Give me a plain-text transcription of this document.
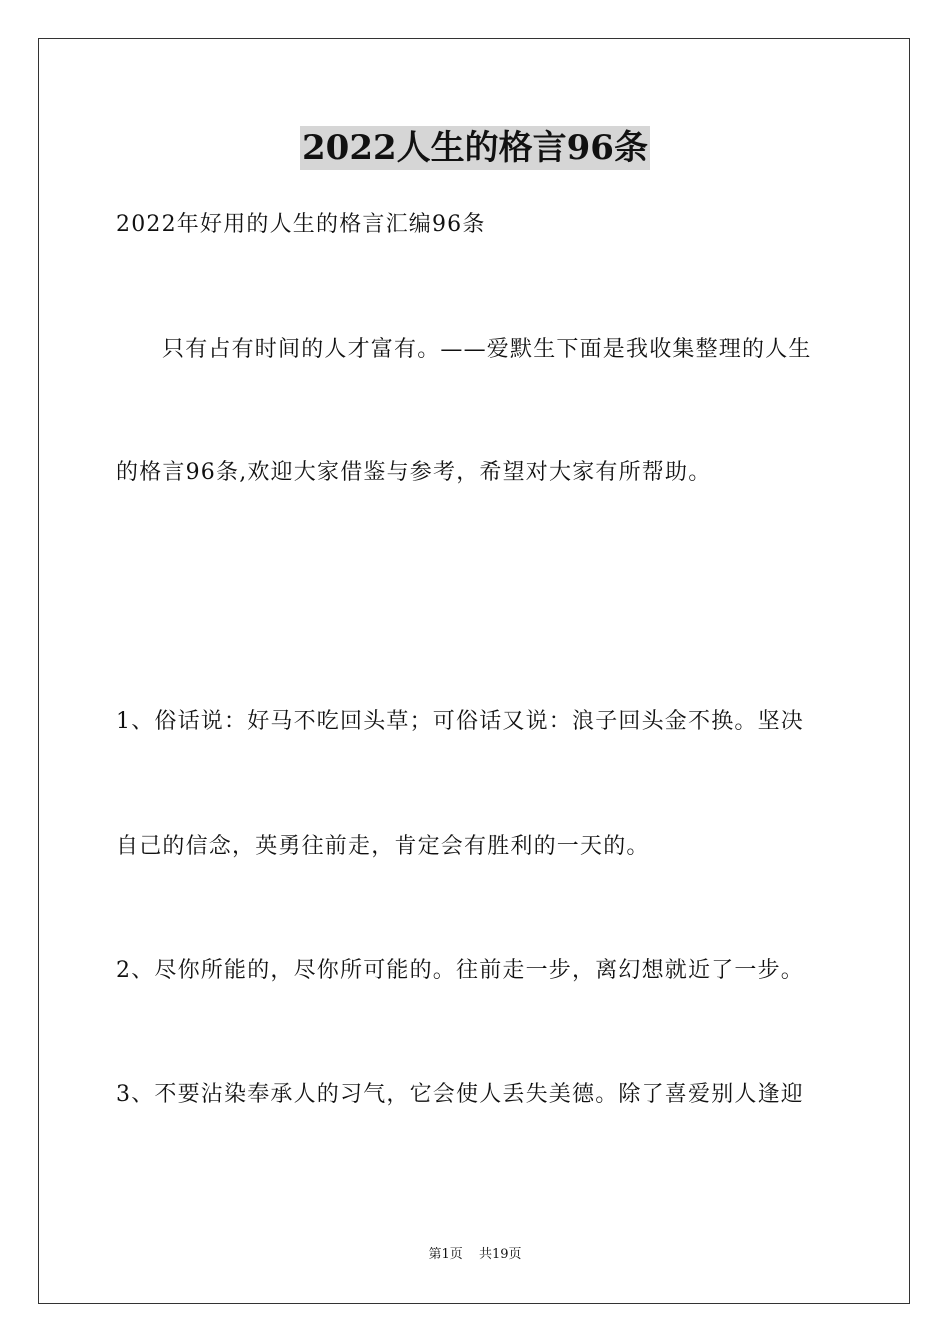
2022人生的格言96条
2022年好用的人生的格言汇编96条
只有占有时间的人才富有。——爱默生下面是我收集整理的人生
的格言96条,欢迎大家借鉴与参考，希望对大家有所帮助。
1、俗话说：好马不吃回头草；可俗话又说：浪子回头金不换。坚决
自己的信念，英勇往前走，肯定会有胜利的一天的。
2、尽你所能的，尽你所可能的。往前走一步，离幻想就近了一步。
3、不要沾染奉承人的习气，它会使人丢失美德。除了喜爱别人逢迎
第1页 共19页
